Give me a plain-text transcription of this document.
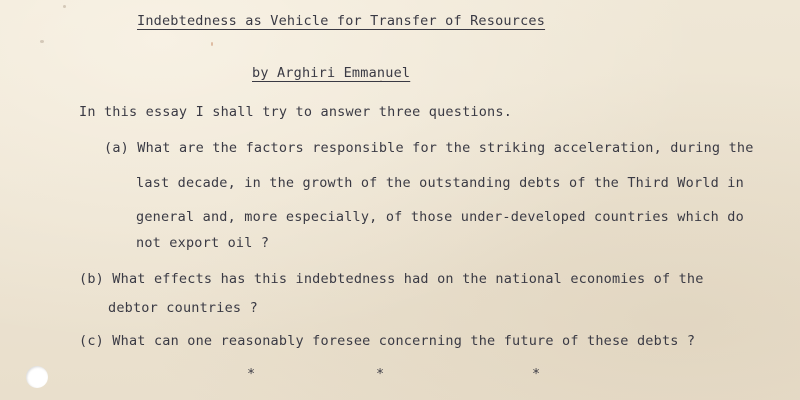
Indebtedness as Vehicle for Transfer of Resources
by Arghiri Emmanuel
In this essay I shall try to answer three questions.
(a) What are the factors responsible for the striking acceleration, during the
last decade, in the growth of the outstanding debts of the Third World in
general and, more especially, of those under-developed countries which do
not export oil ?
(b) What effects has this indebtedness had on the national economies of the
debtor countries ?
(c) What can one reasonably foresee concerning the future of these debts ?
*	*	*
